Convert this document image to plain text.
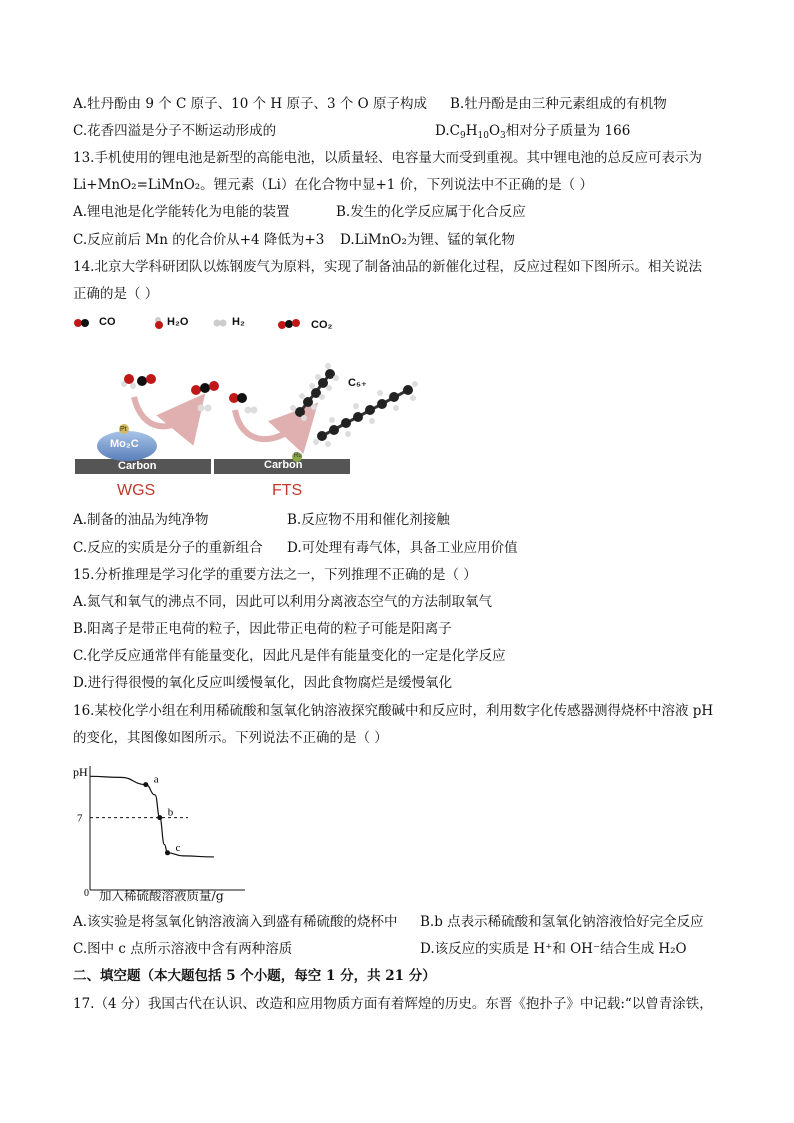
A.牡丹酚由 9 个 C 原子、10 个 H 原子、3 个 O 原子构成 B.牡丹酚是由三种元素组成的有机物
C.花香四溢是分子不断运动形成的	$D.C_9H_{10}O_3$相对分子质量为 166
13.手机使用的锂电池是新型的高能电池，以质量轻、电容量大而受到重视。其中锂电池的总反应可表示为
Li+MnO₂=LiMnO₂。锂元素（Li）在化合物中显+1 价，下列说法中不正确的是（ ）
A.锂电池是化学能转化为电能的装置	B.发生的化学反应属于化合反应
C.反应前后 Mn 的化合价从+4 降低为+3 D.LiMnO₂为锂、锰的氧化物
14.北京大学科研团队以炼钢废气为原料，实现了制备油品的新催化过程，反应过程如下图所示。相关说法
正确的是（ ）
CO	H₂O	H₂	CO₂
Mo₂C
Pt
Ru
Carbon	Carbon
C₅₊
WGS	FTS
A.制备的油品为纯净物	B.反应物不用和催化剂接触
C.反应的实质是分子的重新组合 D.可处理有毒气体，具备工业应用价值
15.分析推理是学习化学的重要方法之一，下列推理不正确的是（ ）
A.氮气和氧气的沸点不同，因此可以利用分离液态空气的方法制取氧气
B.阳离子是带正电荷的粒子，因此带正电荷的粒子可能是阳离子
C.化学反应通常伴有能量变化，因此凡是伴有能量变化的一定是化学反应
D.进行得很慢的氧化反应叫缓慢氧化，因此食物腐烂是缓慢氧化
16.某校化学小组在利用稀硫酸和氢氧化钠溶液探究酸碱中和反应时，利用数字化传感器测得烧杯中溶液 pH
的变化，其图像如图所示。下列说法不正确的是（ ）
a
b
c
pH
0
7
加入稀硫酸溶液质量/g
A.该实验是将氢氧化钠溶液滴入到盛有稀硫酸的烧杯中 B.b 点表示稀硫酸和氢氧化钠溶液恰好完全反应
C.图中 c 点所示溶液中含有两种溶质	D.该反应的实质是 H⁺和 OH⁻结合生成 H₂O
二、填空题（本大题包括 5 个小题，每空 1 分，共 21 分）
17.（4 分）我国古代在认识、改造和应用物质方面有着辉煌的历史。东晋《抱扑子》中记载:“以曾青涂铁，
